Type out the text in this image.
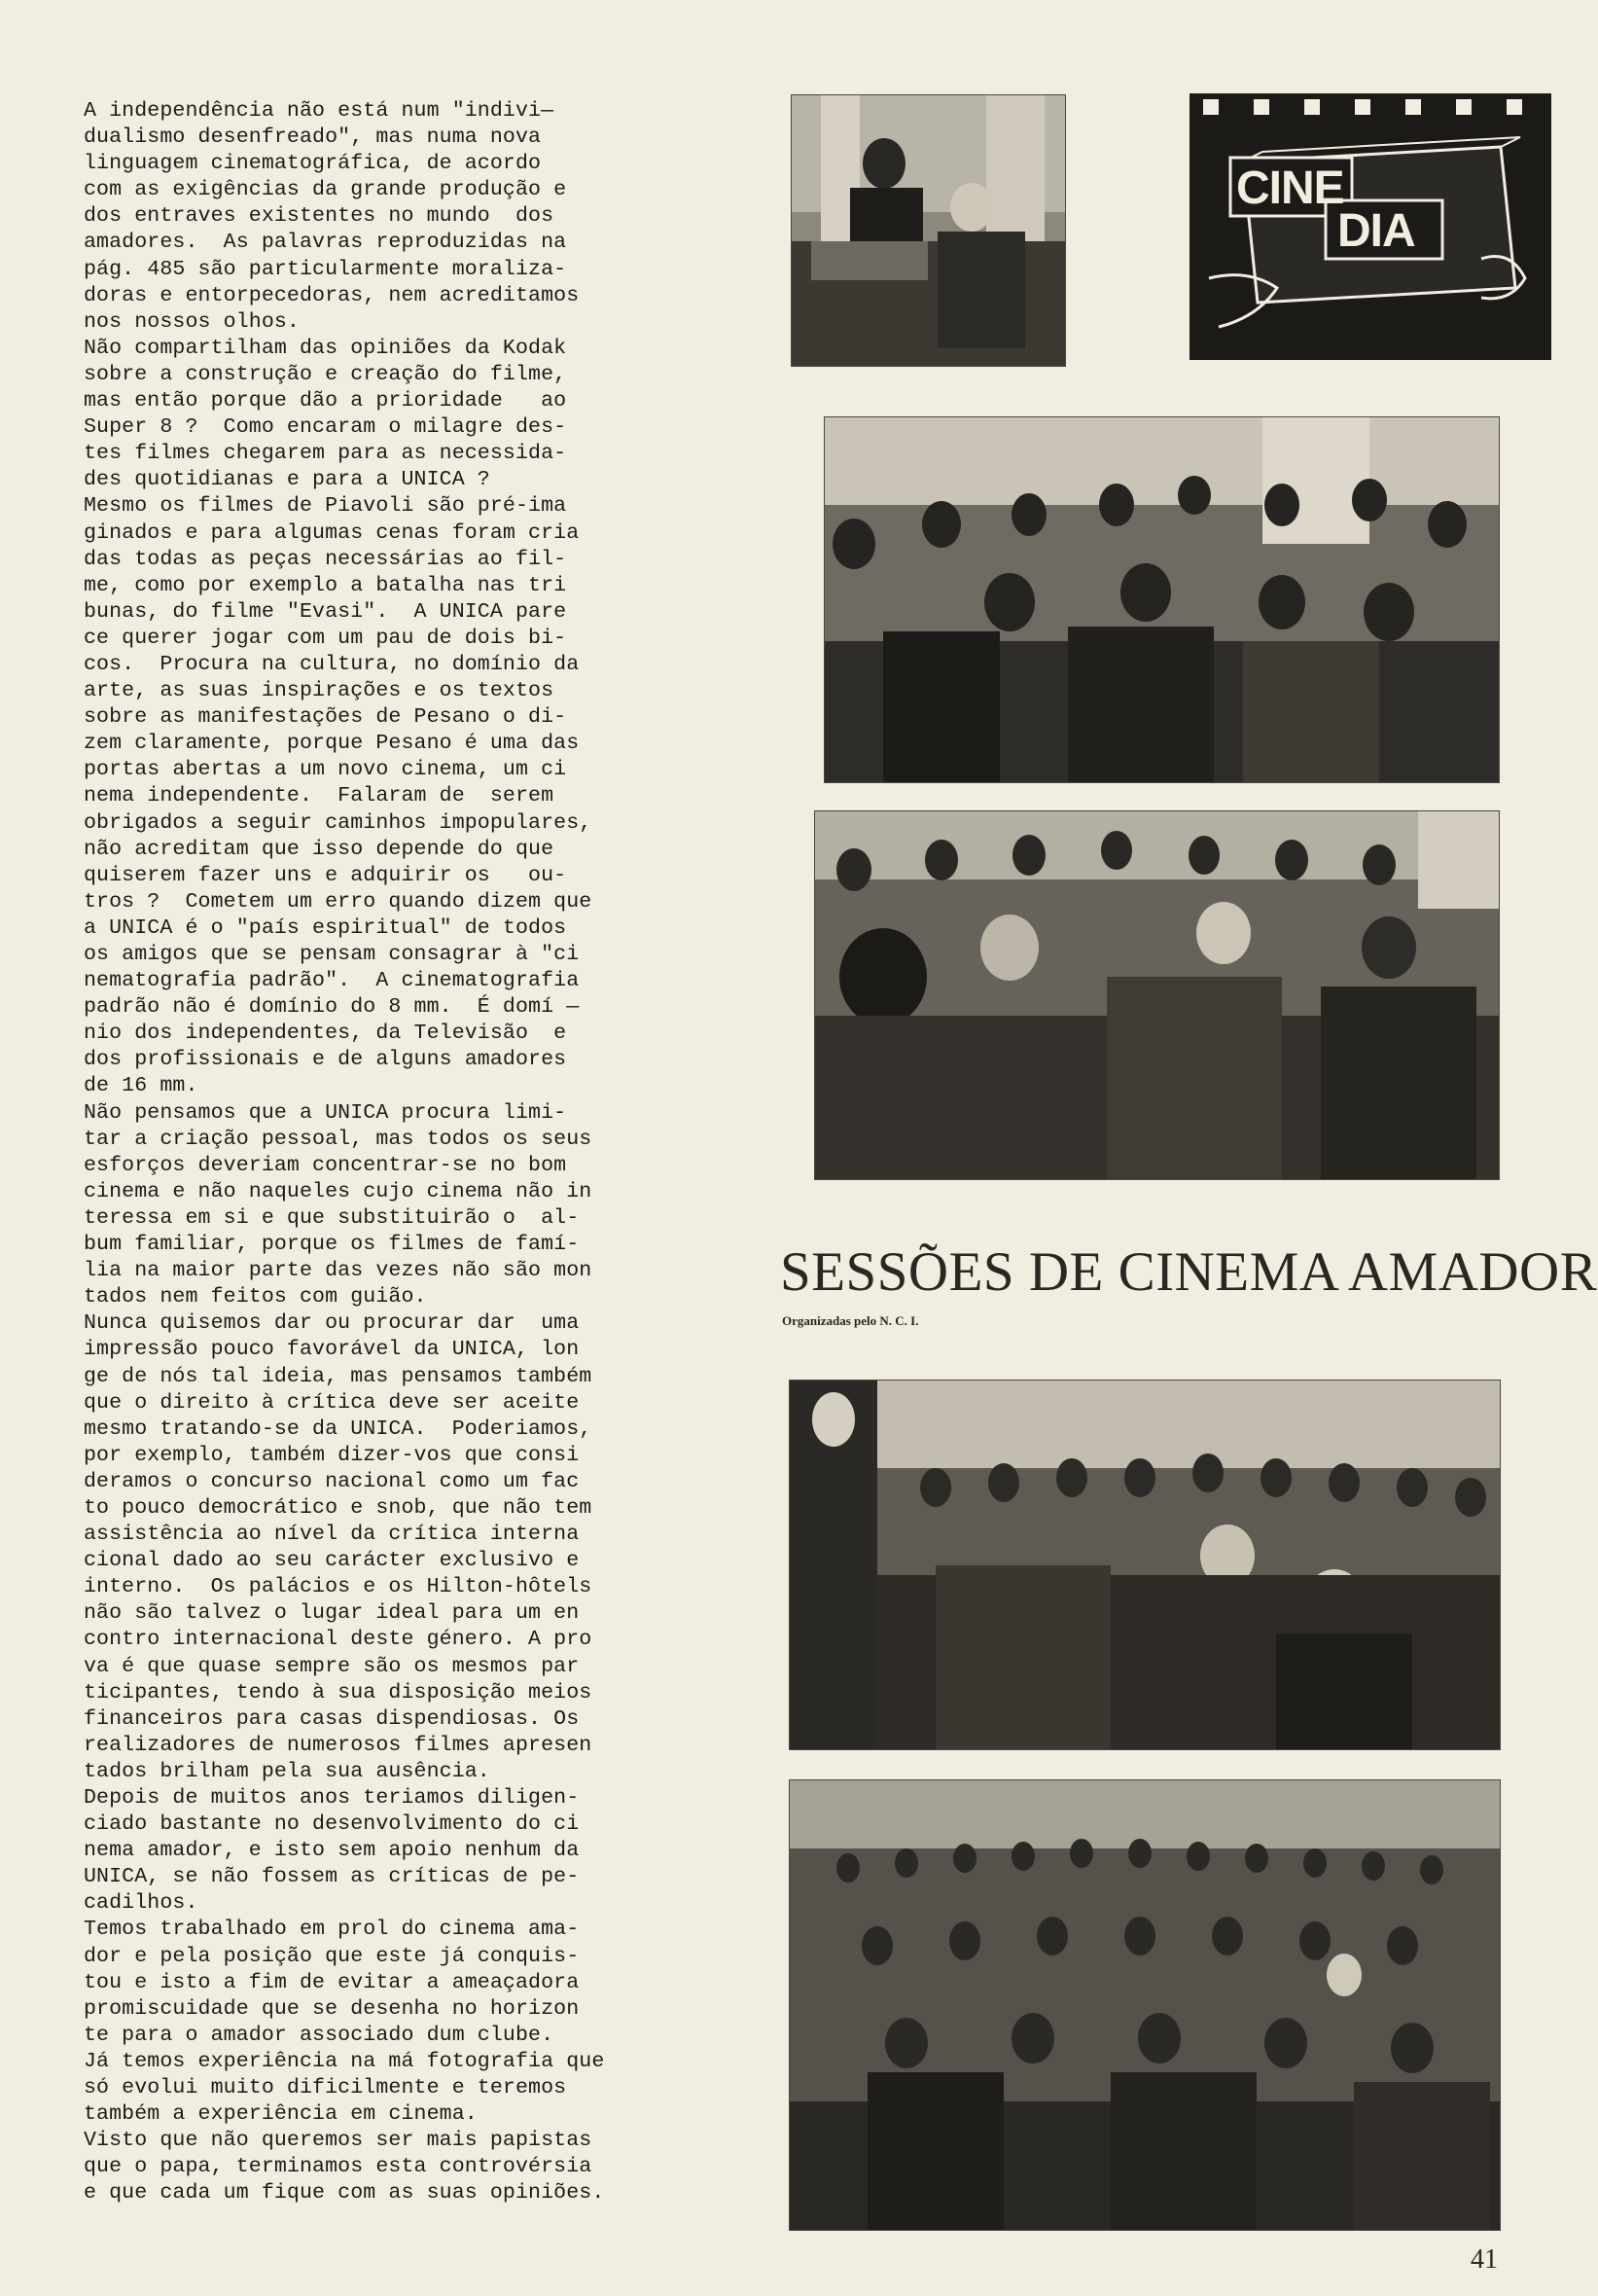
A independência não está num "indivi—
dualismo desenfreado", mas numa nova
linguagem cinematográfica, de acordo
com as exigências da grande produção e
dos entraves existentes no mundo  dos
amadores.  As palavras reproduzidas na
pág. 485 são particularmente moraliza-
doras e entorpecedoras, nem acreditamos
nos nossos olhos.
Não compartilham das opiniões da Kodak
sobre a construção e creação do filme,
mas então porque dão a prioridade   ao
Super 8 ?  Como encaram o milagre des-
tes filmes chegarem para as necessida-
des quotidianas e para a UNICA ?
Mesmo os filmes de Piavoli são pré-ima
ginados e para algumas cenas foram cria
das todas as peças necessárias ao fil-
me, como por exemplo a batalha nas tri
bunas, do filme "Evasi".  A UNICA pare
ce querer jogar com um pau de dois bi-
cos.  Procura na cultura, no domínio da
arte, as suas inspirações e os textos
sobre as manifestações de Pesano o di-
zem claramente, porque Pesano é uma das
portas abertas a um novo cinema, um ci
nema independente.  Falaram de  serem
obrigados a seguir caminhos impopulares,
não acreditam que isso depende do que
quiserem fazer uns e adquirir os   ou-
tros ?  Cometem um erro quando dizem que
a UNICA é o "país espiritual" de todos
os amigos que se pensam consagrar à "ci
nematografia padrão".  A cinematografia
padrão não é domínio do 8 mm.  É domí —
nio dos independentes, da Televisão  e
dos profissionais e de alguns amadores
de 16 mm.
Não pensamos que a UNICA procura limi-
tar a criação pessoal, mas todos os seus
esforços deveriam concentrar-se no bom
cinema e não naqueles cujo cinema não in
teressa em si e que substituirão o  al-
bum familiar, porque os filmes de famí-
lia na maior parte das vezes não são mon
tados nem feitos com guião.
Nunca quisemos dar ou procurar dar  uma
impressão pouco favorável da UNICA, lon
ge de nós tal ideia, mas pensamos também
que o direito à crítica deve ser aceite
mesmo tratando-se da UNICA.  Poderiamos,
por exemplo, também dizer-vos que consi
deramos o concurso nacional como um fac
to pouco democrático e snob, que não tem
assistência ao nível da crítica interna
cional dado ao seu carácter exclusivo e
interno.  Os palácios e os Hilton-hôtels
não são talvez o lugar ideal para um en
contro internacional deste género. A pro
va é que quase sempre são os mesmos par
ticipantes, tendo à sua disposição meios
financeiros para casas dispendiosas. Os
realizadores de numerosos filmes apresen
tados brilham pela sua ausência.
Depois de muitos anos teriamos diligen-
ciado bastante no desenvolvimento do ci
nema amador, e isto sem apoio nenhum da
UNICA, se não fossem as críticas de pe-
cadilhos.
Temos trabalhado em prol do cinema ama-
dor e pela posição que este já conquis-
tou e isto a fim de evitar a ameaçadora
promiscuidade que se desenha no horizon
te para o amador associado dum clube.
Já temos experiência na má fotografia que
só evolui muito dificilmente e teremos
também a experiência em cinema.
Visto que não queremos ser mais papistas
que o papa, terminamos esta controvérsia
e que cada um fique com as suas opiniões.
CINE
DIA
SESSÕES DE CINEMA AMADOR
Organizadas pelo N. C. I.
41
